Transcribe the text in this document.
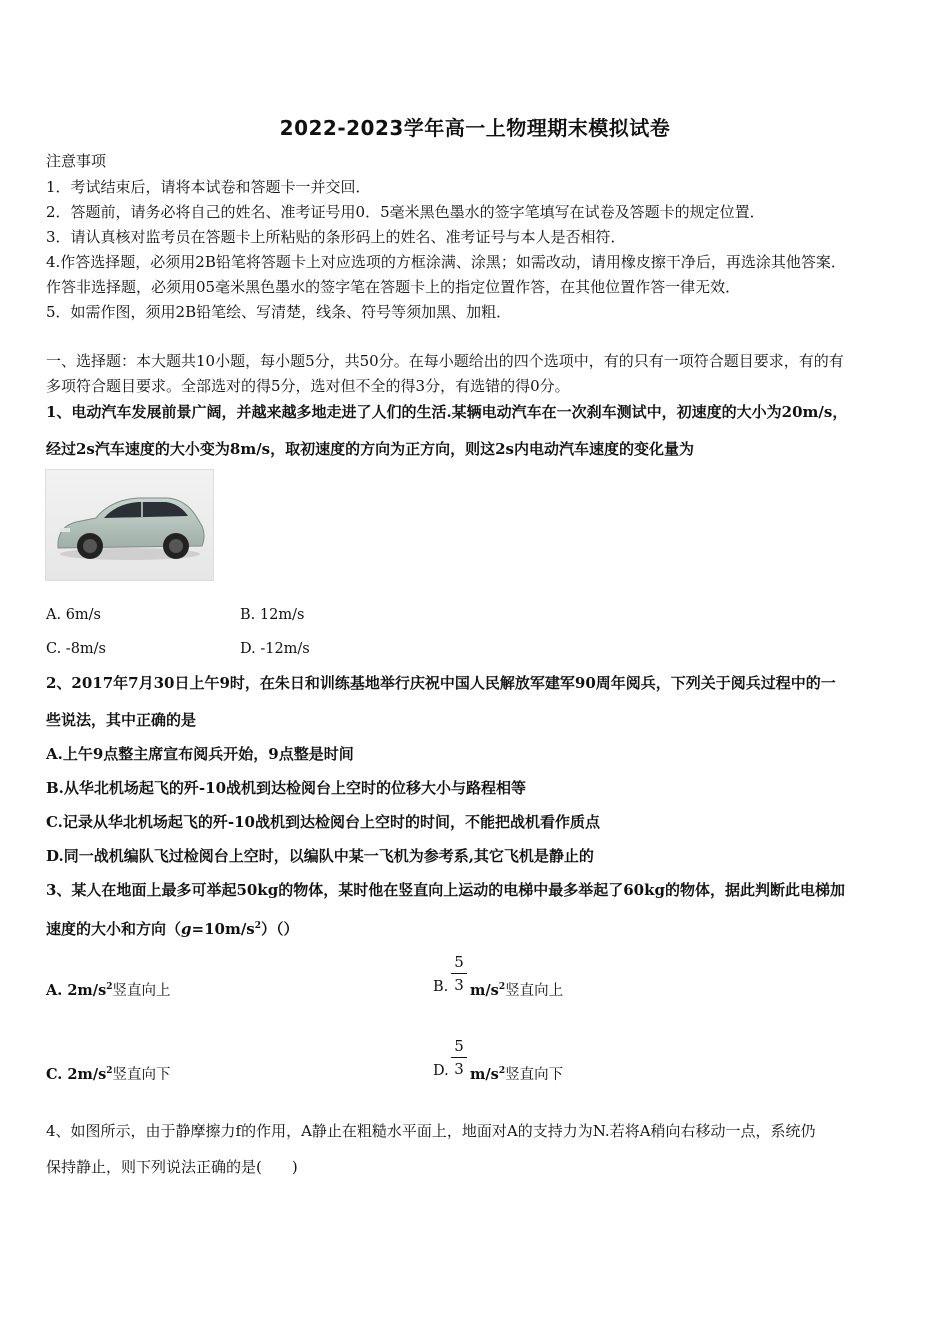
2022-2023学年高一上物理期末模拟试卷
注意事项
1．考试结束后，请将本试卷和答题卡一并交回．
2．答题前，请务必将自己的姓名、准考证号用0．5毫米黑色墨水的签字笔填写在试卷及答题卡的规定位置．
3．请认真核对监考员在答题卡上所粘贴的条形码上的姓名、准考证号与本人是否相符．
4.作答选择题，必须用2B铅笔将答题卡上对应选项的方框涂满、涂黑；如需改动，请用橡皮擦干净后，再选涂其他答案．
作答非选择题，必须用05毫米黑色墨水的签字笔在答题卡上的指定位置作答，在其他位置作答一律无效．
5．如需作图，须用2B铅笔绘、写清楚，线条、符号等须加黑、加粗．
一、选择题：本大题共10小题，每小题5分，共50分。在每小题给出的四个选项中，有的只有一项符合题目要求，有的有
多项符合题目要求。全部选对的得5分，选对但不全的得3分，有选错的得0分。
1、电动汽车发展前景广阔，并越来越多地走进了人们的生活.某辆电动汽车在一次刹车测试中，初速度的大小为20m/s，
经过2s汽车速度的大小变为8m/s，取初速度的方向为正方向，则这2s内电动汽车速度的变化量为
A. 6m/s	B. 12m/s
C. -8m/s	D. -12m/s
2、2017年7月30日上午9时，在朱日和训练基地举行庆祝中国人民解放军建军90周年阅兵，下列关于阅兵过程中的一
些说法，其中正确的是
A.上午9点整主席宣布阅兵开始，9点整是时间
B.从华北机场起飞的歼-10战机到达检阅台上空时的位移大小与路程相等
C.记录从华北机场起飞的歼-10战机到达检阅台上空时的时间，不能把战机看作质点
D.同一战机编队飞过检阅台上空时，以编队中某一飞机为参考系,其它飞机是静止的
3、某人在地面上最多可举起50kg的物体，某时他在竖直向上运动的电梯中最多举起了60kg的物体，据此判断此电梯加
速度的大小和方向$(g=10m/s^2)()$
A. $2m/s^2$竖直向上	B. $\frac{5}{3} m/s^2$竖直向上
C. $2m/s^2$竖直向下	D. $\frac{5}{3} m/s^2$竖直向下
4、如图所示，由于静摩擦力f的作用，A静止在粗糙水平面上，地面对A的支持力为N.若将A稍向右移动一点，系统仍
保持静止，则下列说法正确的是(　　)
